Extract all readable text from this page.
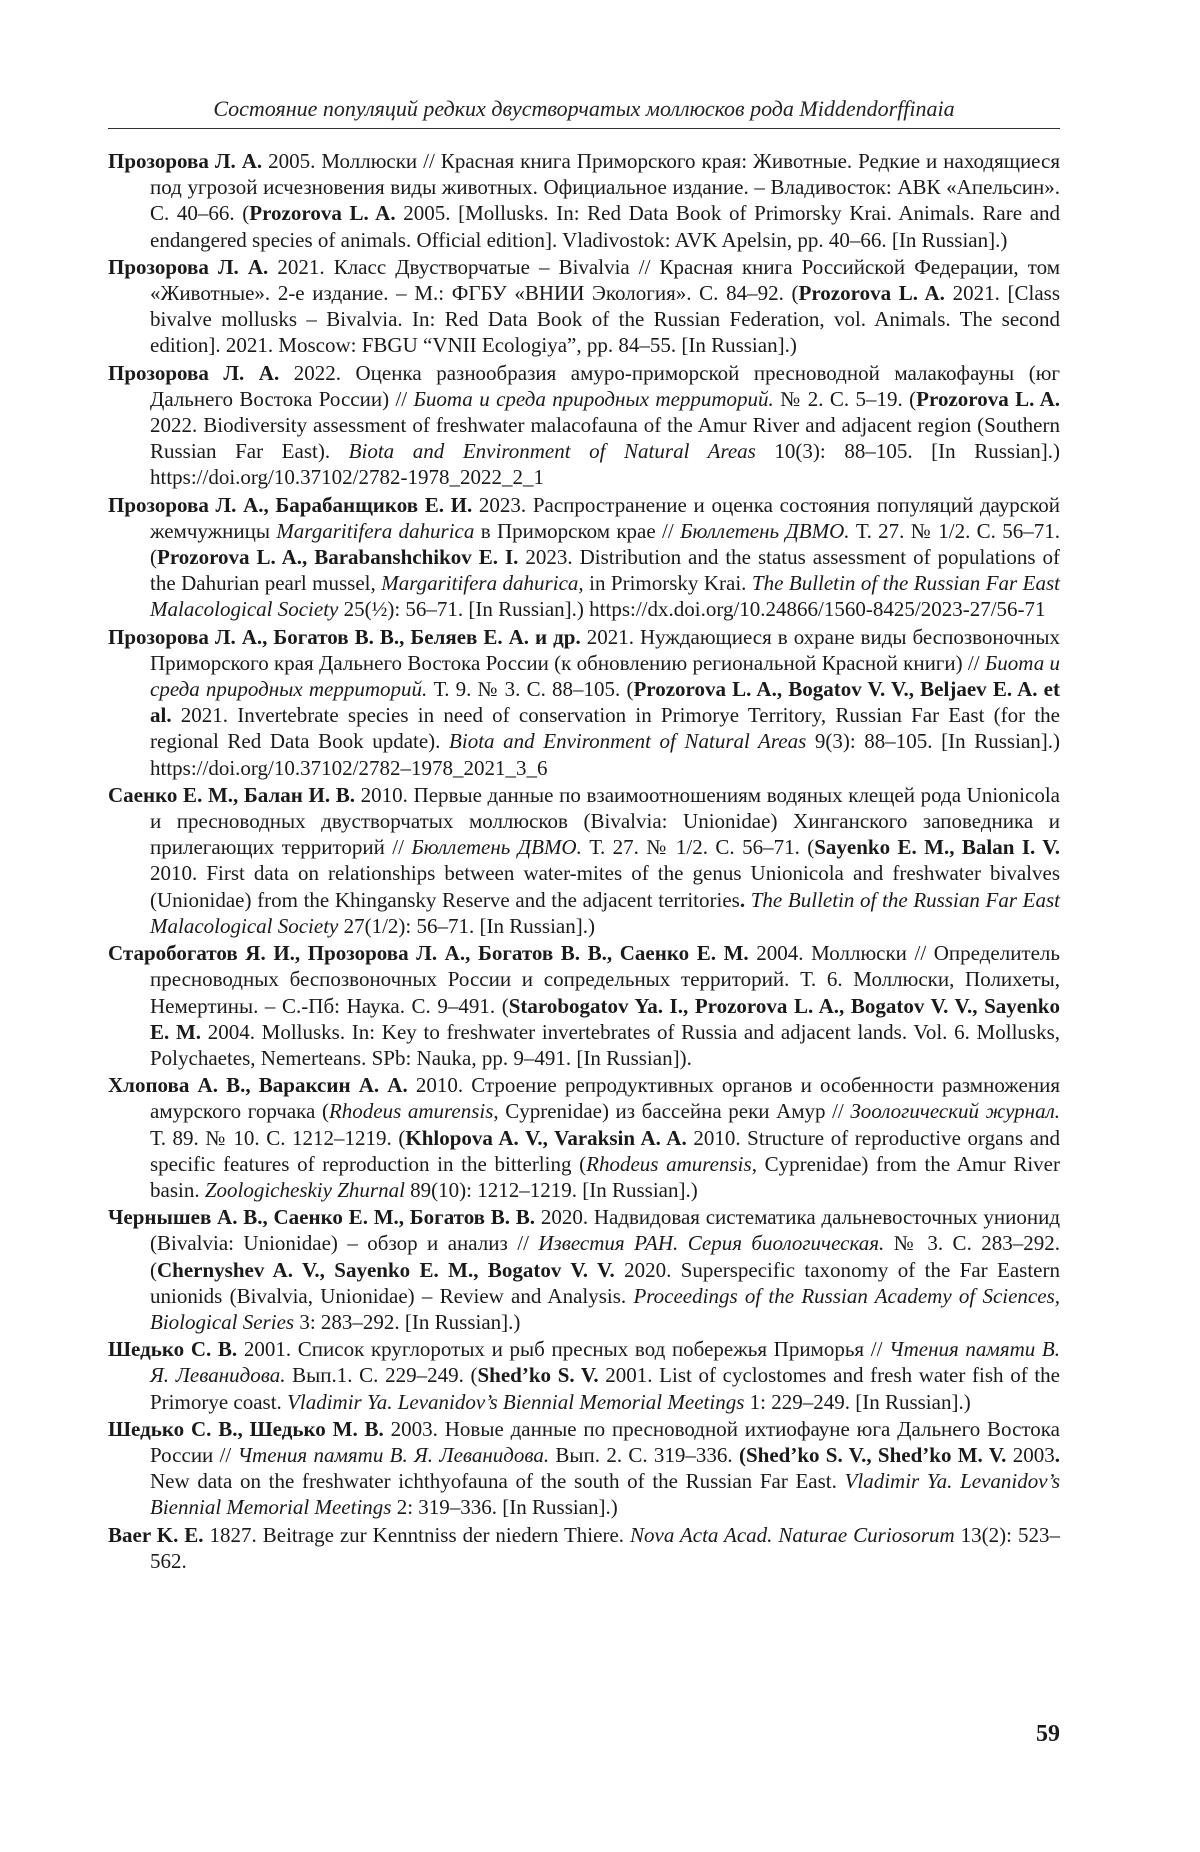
Состояние популяций редких двустворчатых моллюсков рода Middendorffinaia

Прозорова Л. А. 2005. Моллюски // Красная книга Приморского края: Животные. Редкие и находящиеся под угрозой исчезновения виды животных. Официальное издание. – Владивосток: АВК «Апельсин». С. 40–66. (Prozorova L. A. 2005. [Mollusks. In: Red Data Book of Primorsky Krai. Animals. Rare and endangered species of animals. Official edition]. Vladivostok: AVK Apelsin, pp. 40–66. [In Russian].)

Прозорова Л. А. 2021. Класс Двустворчатые – Bivalvia // Красная книга Российской Федерации, том «Животные». 2-е издание. – М.: ФГБУ «ВНИИ Экология». С. 84–92. (Prozorova L. A. 2021. [Class bivalve mollusks – Bivalvia. In: Red Data Book of the Russian Federation, vol. Animals. The second edition]. 2021. Moscow: FBGU “VNII Ecologiya”, pp. 84–55. [In Russian].)

Прозорова Л. А. 2022. Оценка разнообразия амуро-приморской пресноводной малакофауны (юг Дальнего Востока России) // Биота и среда природных территорий. № 2. С. 5–19. (Prozorova L. A. 2022. Biodiversity assessment of freshwater malacofauna of the Amur River and adjacent region (Southern Russian Far East). Biota and Environment of Natural Areas 10(3): 88–105. [In Russian].) https://doi.org/10.37102/2782-1978_2022_2_1

Прозорова Л. А., Барабанщиков Е. И. 2023. Распространение и оценка состояния популяций даурской жемчужницы Margaritifera dahurica в Приморском крае // Бюллетень ДВМО. Т. 27. № 1/2. С. 56–71. (Prozorova L. A., Barabanshchikov E. I. 2023. Distribution and the status assessment of populations of the Dahurian pearl mussel, Margaritifera dahurica, in Primorsky Krai. The Bulletin of the Russian Far East Malacological Society 25(½): 56–71. [In Russian].) https://dx.doi.org/10.24866/1560-8425/2023-27/56-71

Прозорова Л. А., Богатов В. В., Беляев Е. А. и др. 2021. Нуждающиеся в охране виды беспозвоночных Приморского края Дальнего Востока России (к обновлению региональной Красной книги) // Биота и среда природных территорий. Т. 9. № 3. С. 88–105. (Prozorova L. A., Bogatov V. V., Beljaev E. A. et al. 2021. Invertebrate species in need of conservation in Primorye Territory, Russian Far East (for the regional Red Data Book update). Biota and Environment of Natural Areas 9(3): 88–105. [In Russian].) https://doi.org/10.37102/2782–1978_2021_3_6

Саенко Е. М., Балан И. В. 2010. Первые данные по взаимоотношениям водяных клещей рода Unionicola и пресноводных двустворчатых моллюсков (Bivalvia: Unionidae) Хинганского заповедника и прилегающих территорий // Бюллетень ДВМО. Т. 27. № 1/2. С. 56–71. (Sayenko E. M., Balan I. V. 2010. First data on relationships between water-mites of the genus Unionicola and freshwater bivalves (Unionidae) from the Khingansky Reserve and the adjacent territories. The Bulletin of the Russian Far East Malacological Society 27(1/2): 56–71. [In Russian].)

Старобогатов Я. И., Прозорова Л. А., Богатов В. В., Саенко Е. М. 2004. Моллюски // Определитель пресноводных беспозвоночных России и сопредельных территорий. Т. 6. Моллюски, Полихеты, Немертины. – С.-Пб: Наука. С. 9–491. (Starobogatov Ya. I., Prozorova L. A., Bogatov V. V., Sayenko E. M. 2004. Mollusks. In: Key to freshwater invertebrates of Russia and adjacent lands. Vol. 6. Mollusks, Polychaetes, Nemerteans. SPb: Nauka, pp. 9–491. [In Russian]).

Хлопова А. В., Вараксин А. А. 2010. Строение репродуктивных органов и особенности размножения амурского горчака (Rhodeus amurensis, Cyprenidae) из бассейна реки Амур // Зоологический журнал. Т. 89. № 10. С. 1212–1219. (Khlopova A. V., Varaksin A. A. 2010. Structure of reproductive organs and specific features of reproduction in the bitterling (Rhodeus amurensis, Cyprenidae) from the Amur River basin. Zoologicheskiy Zhurnal 89(10): 1212–1219. [In Russian].)

Чернышев А. В., Саенко Е. М., Богатов В. В. 2020. Надвидовая систематика дальневосточных унионид (Bivalvia: Unionidae) – обзор и анализ // Известия РАН. Серия биологическая. № 3. С. 283–292. (Chernyshev A. V., Sayenko E. M., Bogatov V. V. 2020. Superspecific taxonomy of the Far Eastern unionids (Bivalvia, Unionidae) – Review and Analysis. Proceedings of the Russian Academy of Sciences, Biological Series 3: 283–292. [In Russian].)

Шедько С. В. 2001. Список круглоротых и рыб пресных вод побережья Приморья // Чтения памяти В. Я. Леванидова. Вып.1. С. 229–249. (Shed’ko S. V. 2001. List of cyclostomes and fresh water fish of the Primorye coast. Vladimir Ya. Levanidov’s Biennial Memorial Meetings 1: 229–249. [In Russian].)

Шедько С. В., Шедько М. В. 2003. Новые данные по пресноводной ихтиофауне юга Дальнего Востока России // Чтения памяти В. Я. Леванидова. Вып. 2. С. 319–336. (Shed’ko S. V., Shed’ko M. V. 2003. New data on the freshwater ichthyofauna of the south of the Russian Far East. Vladimir Ya. Levanidov’s Biennial Memorial Meetings 2: 319–336. [In Russian].)

Baer K. E. 1827. Beitrage zur Kenntniss der niedern Thiere. Nova Acta Acad. Naturae Curiosorum 13(2): 523–562.

59
